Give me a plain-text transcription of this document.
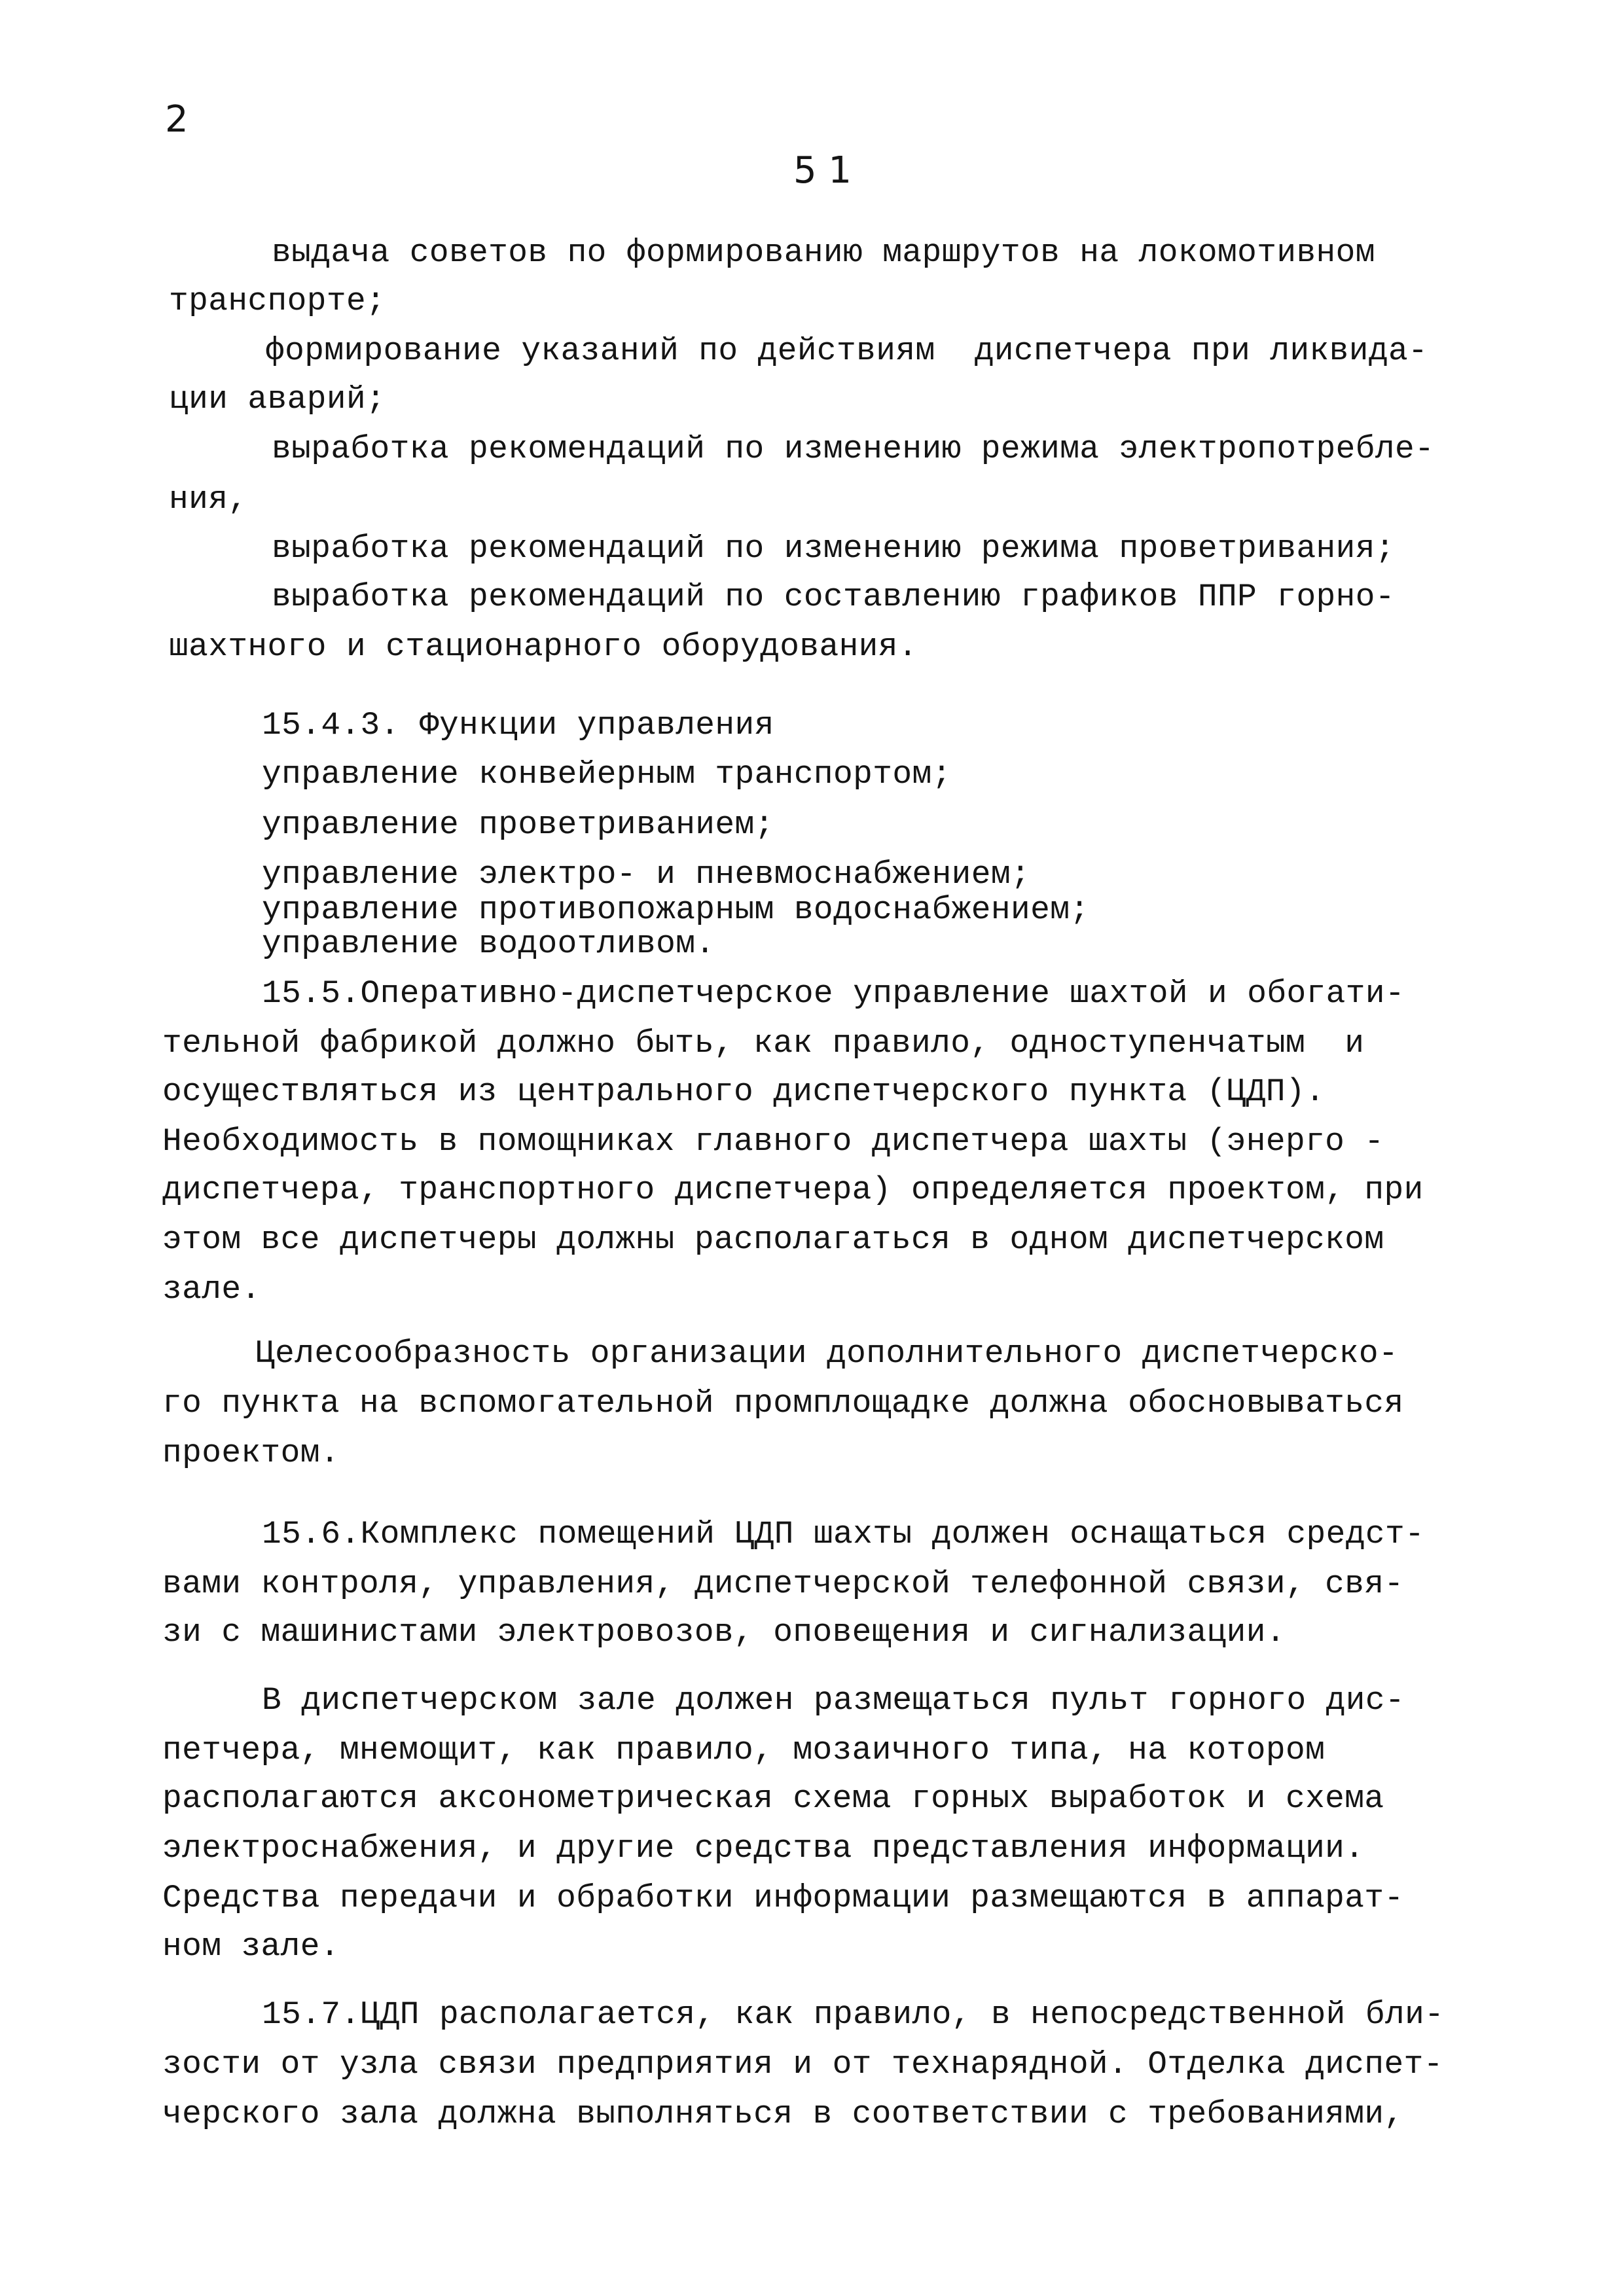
2
5 1
выдача советов по формированию маршрутов на локомотивном
транспорте;
формирование указаний по действиям  диспетчера при ликвида-
ции аварий;
выработка рекомендаций по изменению режима электропотребле-
ния,
выработка рекомендаций по изменению режима проветривания;
выработка рекомендаций по составлению графиков ППР горно-
шахтного и стационарного оборудования.
15.4.3. Функции управления
управление конвейерным транспортом;
управление проветриванием;
управление электро- и пневмоснабжением;
управление противопожарным водоснабжением;
управление водоотливом.
15.5.Оперативно-диспетчерское управление шахтой и обогати-
тельной фабрикой должно быть, как правило, одноступенчатым  и
осуществляться из центрального диспетчерского пункта (ЦДП).
Необходимость в помощниках главного диспетчера шахты (энерго -
диспетчера, транспортного диспетчера) определяется проектом, при
этом все диспетчеры должны располагаться в одном диспетчерском
зале.
Целесообразность организации дополнительного диспетчерско-
го пункта на вспомогательной промплощадке должна обосновываться
проектом.
15.6.Комплекс помещений ЦДП шахты должен оснащаться средст-
вами контроля, управления, диспетчерской телефонной связи, свя-
зи с машинистами электровозов, оповещения и сигнализации.
В диспетчерском зале должен размещаться пульт горного дис-
петчера, мнемощит, как правило, мозаичного типа, на котором
располагаются аксонометрическая схема горных выработок и схема
электроснабжения, и другие средства представления информации.
Средства передачи и обработки информации размещаются в аппарат-
ном зале.
15.7.ЦДП располагается, как правило, в непосредственной бли-
зости от узла связи предприятия и от технарядной. Отделка диспет-
черского зала должна выполняться в соответствии с требованиями,
